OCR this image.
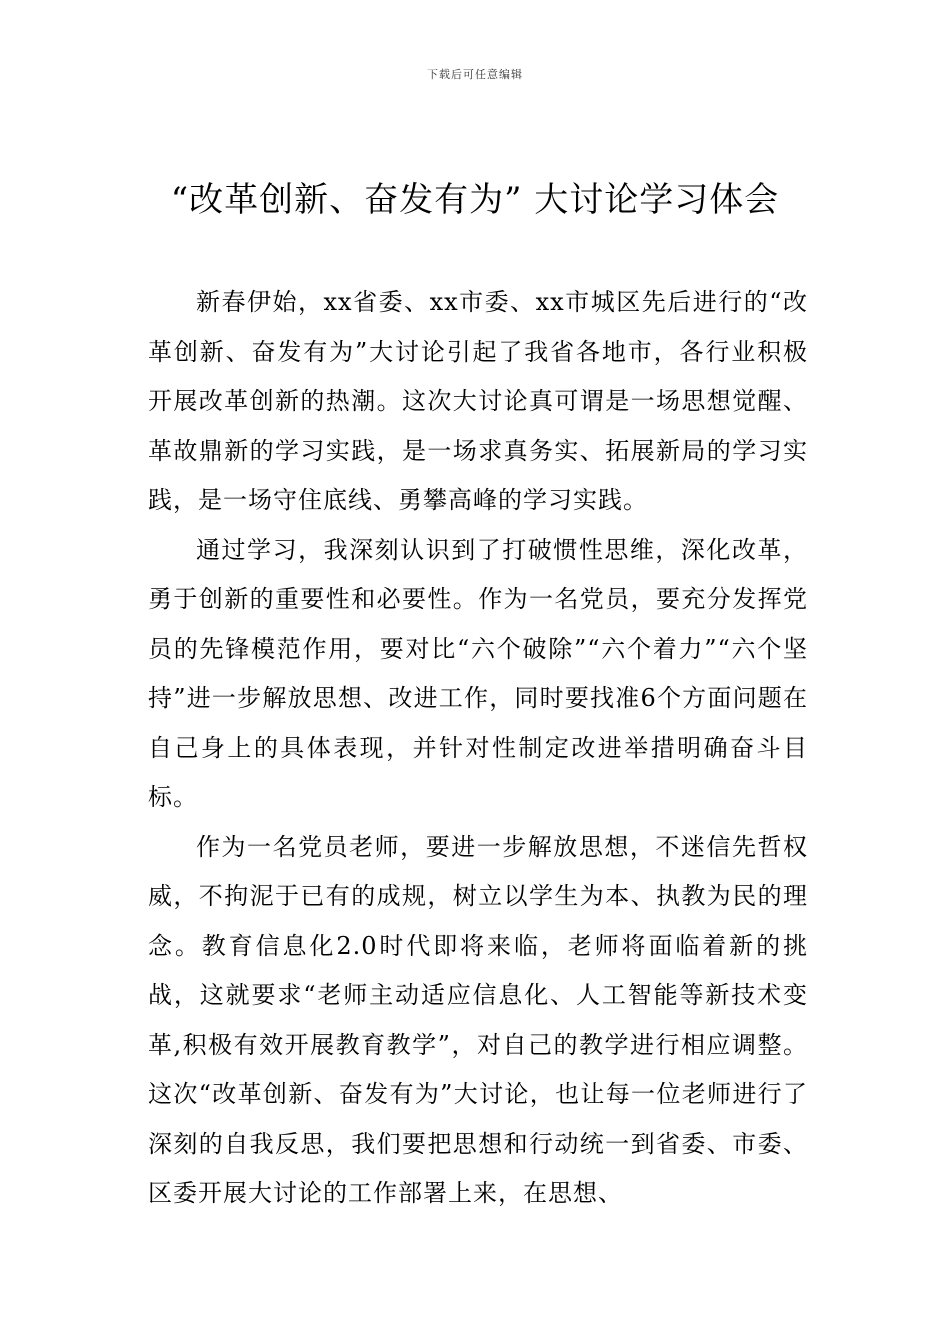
下载后可任意编辑
“改革创新、奋发有为” 大讨论学习体会

新春伊始，xx省委、xx市委、xx市城区先后进行的“改革创新、奋发有为”大讨论引起了我省各地市，各行业积极开展改革创新的热潮。这次大讨论真可谓是一场思想觉醒、革故鼎新的学习实践，是一场求真务实、拓展新局的学习实践，是一场守住底线、勇攀高峰的学习实践。

通过学习，我深刻认识到了打破惯性思维，深化改革，勇于创新的重要性和必要性。作为一名党员，要充分发挥党员的先锋模范作用，要对比“六个破除”“六个着力”“六个坚持”进一步解放思想、改进工作，同时要找准6个方面问题在自己身上的具体表现，并针对性制定改进举措明确奋斗目标。

作为一名党员老师，要进一步解放思想，不迷信先哲权威，不拘泥于已有的成规，树立以学生为本、执教为民的理念。教育信息化2.0时代即将来临，老师将面临着新的挑战，这就要求“老师主动适应信息化、人工智能等新技术变革,积极有效开展教育教学”，对自己的教学进行相应调整。这次“改革创新、奋发有为”大讨论，也让每一位老师进行了深刻的自我反思，我们要把思想和行动统一到省委、市委、区委开展大讨论的工作部署上来，在思想、
